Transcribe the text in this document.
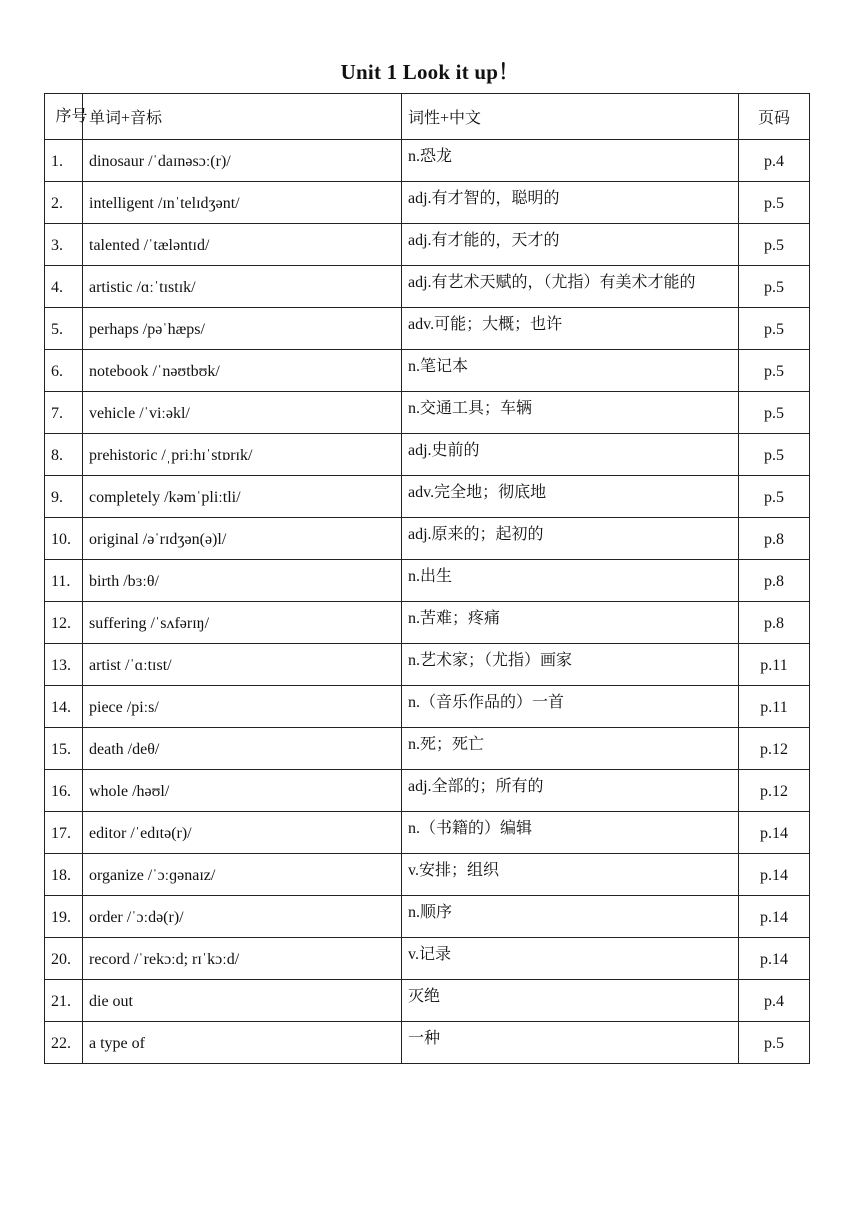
Unit 1 Look it up！
序号	单词+音标	词性+中文	页码
1.	dinosaur /ˈdaɪnəsɔː(r)/	n.恐龙	p.4
2.	intelligent /ɪnˈtelɪdʒənt/	adj.有才智的，聪明的	p.5
3.	talented /ˈtæləntɪd/	adj.有才能的，天才的	p.5
4.	artistic /ɑːˈtɪstɪk/	adj.有艺术天赋的，（尤指）有美术才能的	p.5
5.	perhaps /pəˈhæps/	adv.可能；大概；也许	p.5
6.	notebook /ˈnəʊtbʊk/	n.笔记本	p.5
7.	vehicle /ˈviːəkl/	n.交通工具；车辆	p.5
8.	prehistoric /ˌpriːhɪˈstɒrɪk/	adj.史前的	p.5
9.	completely /kəmˈpliːtli/	adv.完全地；彻底地	p.5
10.	original /əˈrɪdʒən(ə)l/	adj.原来的；起初的	p.8
11.	birth /bɜːθ/	n.出生	p.8
12.	suffering /ˈsʌfərɪŋ/	n.苦难；疼痛	p.8
13.	artist /ˈɑːtɪst/	n.艺术家；（尤指）画家	p.11
14.	piece /piːs/	n.（音乐作品的）一首	p.11
15.	death /deθ/	n.死；死亡	p.12
16.	whole /həʊl/	adj.全部的；所有的	p.12
17.	editor /ˈedɪtə(r)/	n.（书籍的）编辑	p.14
18.	organize /ˈɔːɡənaɪz/	v.安排；组织	p.14
19.	order /ˈɔːdə(r)/	n.顺序	p.14
20.	record /ˈrekɔːd; rɪˈkɔːd/	v.记录	p.14
21.	die out	灭绝	p.4
22.	a type of	一种	p.5
